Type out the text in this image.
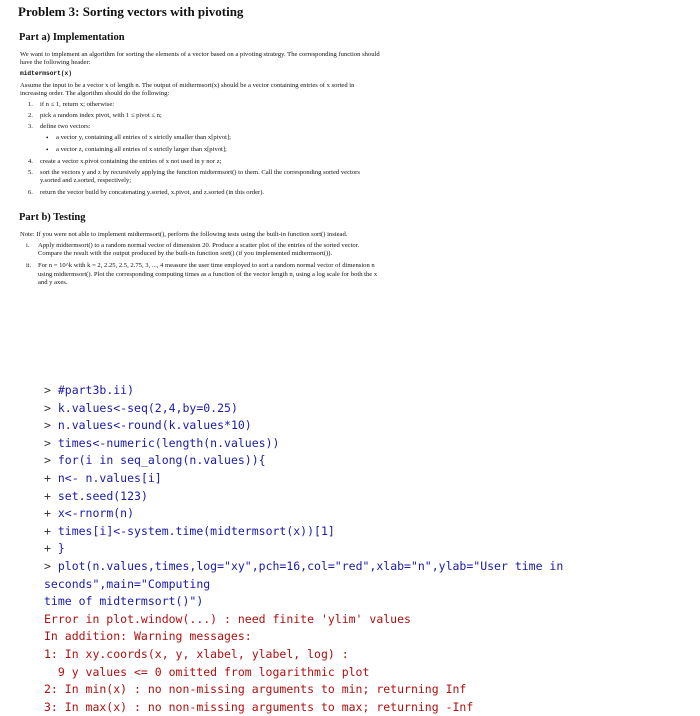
Problem 3: Sorting vectors with pivoting
Part a) Implementation

We want to implement an algorithm for sorting the elements of a vector based on a pivoting strategy. The corresponding function should have the following header:

midtermsort(x)

Assume the input to be a vector x of length n. The output of midtermsort(x) should be a vector containing entries of x sorted in increasing order. The algorithm should do the following:

1. if n ≤ 1, return x; otherwise:
2. pick a random index pivot, with 1 ≤ pivot ≤ n;
3. define two vectors:
• a vector y, containing all entries of x strictly smaller than x[pivot];
• a vector z, containing all entries of x strictly larger than x[pivot];
4. create a vector x.pivot containing the entries of x not used in y nor z;
5. sort the vectors y and z by recursively applying the function midtermsort() to them. Call the corresponding sorted vectors y.sorted and z.sorted, respectively;
6. return the vector build by concatenating y.sorted, x.pivot, and z.sorted (in this order).
Part b) Testing

Note: If you were not able to implement midtermsort(), perform the following tests using the built-in function sort() instead.

i. Apply midtermsort() to a random normal vector of dimension 20. Produce a scatter plot of the entries of the sorted vector. Compare the result with the output produced by the built-in function sort() (if you implemented midtermsort()).
ii. For n = 10^k with k = 2, 2.25, 2.5, 2.75, 3, ..., 4 measure the user time employed to sort a random normal vector of dimension n using midtermsort(). Plot the corresponding computing times as a function of the vector length n, using a log scale for both the x and y axes.
> #part3b.ii)
> k.values<-seq(2,4,by=0.25)
> n.values<-round(k.values*10)
> times<-numeric(length(n.values))
> for(i in seq_along(n.values)){
+ n<- n.values[i]
+ set.seed(123)
+ x<-rnorm(n)
+ times[i]<-system.time(midtermsort(x))[1]
+ }
> plot(n.values,times,log="xy",pch=16,col="red",xlab="n",ylab="User time in seconds",main="Computing
time of midtermsort()")
Error in plot.window(...) : need finite 'ylim' values
In addition: Warning messages:
1: In xy.coords(x, y, xlabel, ylabel, log) :
9 y values <= 0 omitted from logarithmic plot
2: In min(x) : no non-missing arguments to min; returning Inf
3: In max(x) : no non-missing arguments to max; returning -Inf
